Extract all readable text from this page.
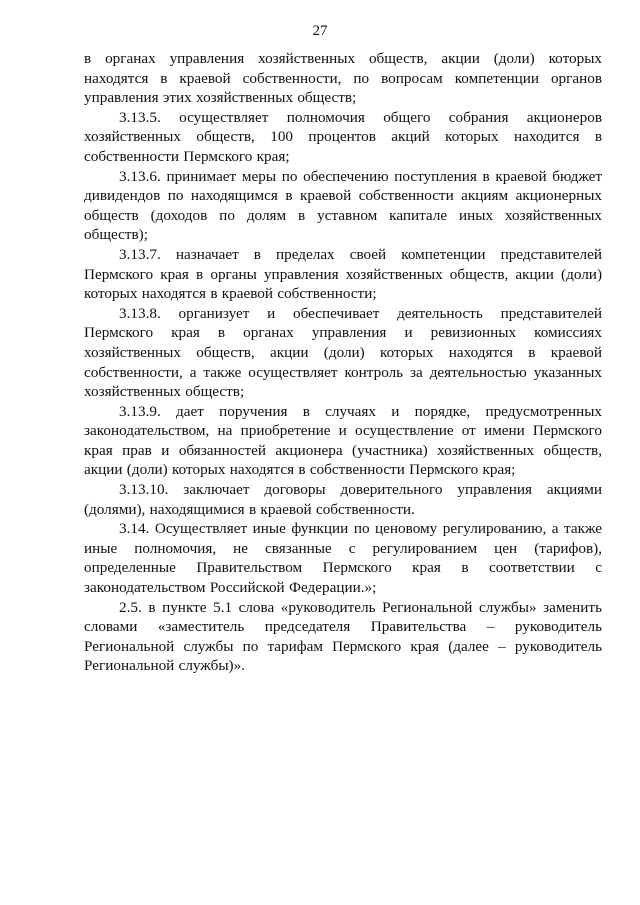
27

в органах управления хозяйственных обществ, акции (доли) которых находятся в краевой собственности, по вопросам компетенции органов управления этих хозяйственных обществ;

3.13.5. осуществляет полномочия общего собрания акционеров хозяйственных обществ, 100 процентов акций которых находится в собственности Пермского края;

3.13.6. принимает меры по обеспечению поступления в краевой бюджет дивидендов по находящимся в краевой собственности акциям акционерных обществ (доходов по долям в уставном капитале иных хозяйственных обществ);

3.13.7. назначает в пределах своей компетенции представителей Пермского края в органы управления хозяйственных обществ, акции (доли) которых находятся в краевой собственности;

3.13.8. организует и обеспечивает деятельность представителей Пермского края в органах управления и ревизионных комиссиях хозяйственных обществ, акции (доли) которых находятся в краевой собственности, а также осуществляет контроль за деятельностью указанных хозяйственных обществ;

3.13.9. дает поручения в случаях и порядке, предусмотренных законодательством, на приобретение и осуществление от имени Пермского края прав и обязанностей акционера (участника) хозяйственных обществ, акции (доли) которых находятся в собственности Пермского края;

3.13.10. заключает договоры доверительного управления акциями (долями), находящимися в краевой собственности.

3.14. Осуществляет иные функции по ценовому регулированию, а также иные полномочия, не связанные с регулированием цен (тарифов), определенные Правительством Пермского края в соответствии с законодательством Российской Федерации.»;

2.5. в пункте 5.1 слова «руководитель Региональной службы» заменить словами «заместитель председателя Правительства – руководитель Региональной службы по тарифам Пермского края (далее – руководитель Региональной службы)».
